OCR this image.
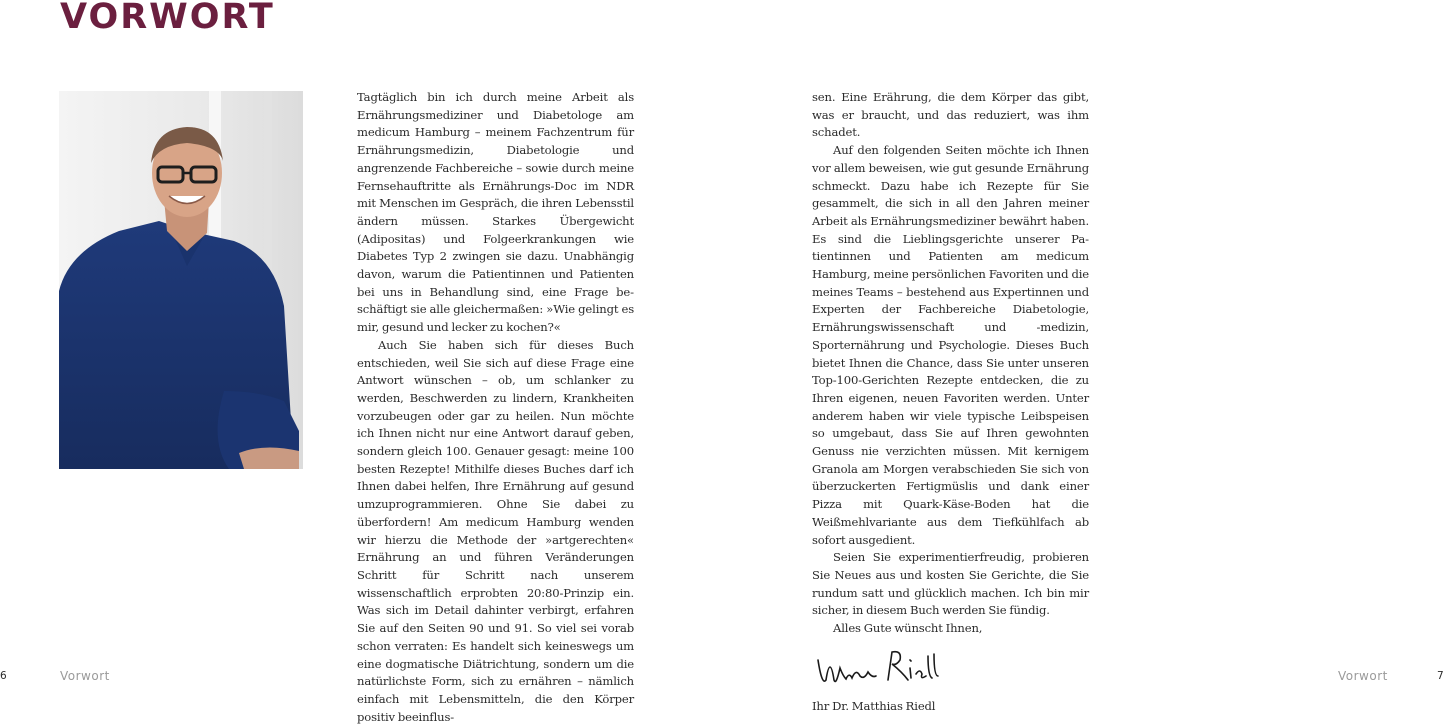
VORWORT

Tagtäglich bin ich durch meine Arbeit als Ernährungsmediziner und Diabetologe am medicum Hamburg – meinem Fachzentrum für Ernährungsmedizin, Diabetologie und angrenzende Fachbereiche – sowie durch meine Fernsehauftritte als Ernährungs-Doc im NDR mit Menschen im Gespräch, die ihren Lebensstil ändern müssen. Starkes Übergewicht (Adipositas) und Folgeerkrankungen wie Diabetes Typ 2 zwingen sie dazu. Unabhängig davon, warum die Patientinnen und Patienten bei uns in Behandlung sind, eine Frage beschäftigt sie alle gleichermaßen: »Wie gelingt es mir, gesund und lecker zu kochen?«

Auch Sie haben sich für dieses Buch entschieden, weil Sie sich auf diese Frage eine Antwort wünschen – ob, um schlanker zu werden, Beschwerden zu lindern, Krankheiten vorzubeugen oder gar zu heilen. Nun möchte ich Ihnen nicht nur eine Antwort darauf geben, sondern gleich 100. Genauer gesagt: meine 100 besten Rezepte! Mithilfe dieses Buches darf ich Ihnen dabei helfen, Ihre Ernährung auf gesund umzuprogrammieren. Ohne Sie dabei zu überfordern! Am medicum Hamburg wenden wir hierzu die Methode der »artgerechten« Ernährung an und führen Veränderungen Schritt für Schritt nach unserem wissenschaftlich erprobten 20:80-Prinzip ein. Was sich im Detail dahinter verbirgt, erfahren Sie auf den Seiten 90 und 91. So viel sei vorab schon verraten: Es handelt sich keineswegs um eine dogmatische Diätrichtung, sondern um die natürlichste Form, sich zu ernähren – nämlich einfach mit Lebensmitteln, die den Körper positiv beeinflus-

sen. Eine Erährung, die dem Körper das gibt, was er braucht, und das reduziert, was ihm schadet.

Auf den folgenden Seiten möchte ich Ihnen vor allem beweisen, wie gut gesunde Ernährung schmeckt. Dazu habe ich Rezepte für Sie gesammelt, die sich in all den Jahren meiner Arbeit als Ernährungsmediziner bewährt haben. Es sind die Lieblingsgerichte unserer Patientinnen und Patienten am medicum Hamburg, meine persönlichen Favoriten und die meines Teams – bestehend aus Expertinnen und Experten der Fachbereiche Diabetologie, Ernährungswissenschaft und -medizin, Sporternährung und Psychologie. Dieses Buch bietet Ihnen die Chance, dass Sie unter unseren Top-100-Gerichten Rezepte entdecken, die zu Ihren eigenen, neuen Favoriten werden. Unter anderem haben wir viele typische Leibspeisen so umgebaut, dass Sie auf Ihren gewohnten Genuss nie verzichten müssen. Mit kernigem Granola am Morgen verabschieden Sie sich von überzuckerten Fertigmüslis und dank einer Pizza mit Quark-Käse-Boden hat die Weißmehlvariante aus dem Tiefkühlfach ab sofort ausgedient.

Seien Sie experimentierfreudig, probieren Sie Neues aus und kosten Sie Gerichte, die Sie rundum satt und glücklich machen. Ich bin mir sicher, in diesem Buch werden Sie fündig.

Alles Gute wünscht Ihnen,

Ihr Dr. Matthias Riedl

6	Vorwort	Vorwort	7
